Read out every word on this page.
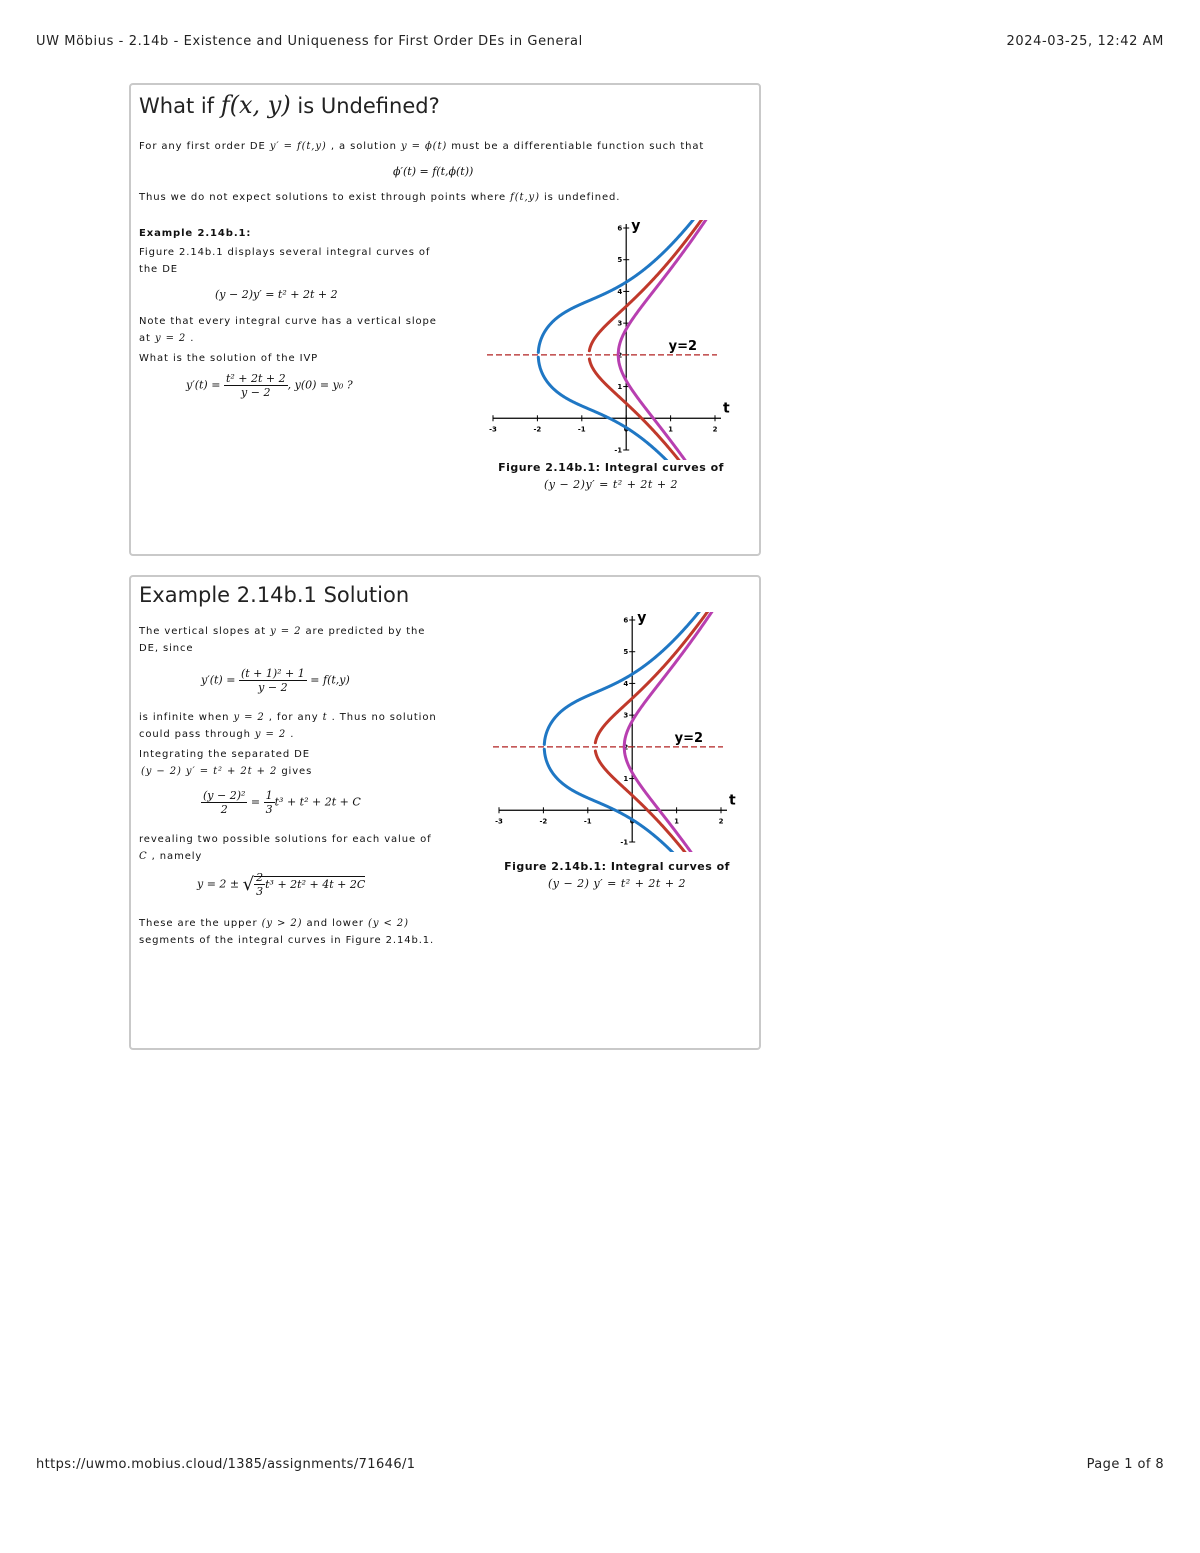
UW Möbius - 2.14b - Existence and Uniqueness for First Order DEs in General	2024-03-25, 12:42 AM
What if f(x, y) is Undefined?
For any first order DE y′ = f(t,y) , a solution y = ϕ(t) must be a differentiable function such that
ϕ′(t) = f(t,ϕ(t))
Thus we do not expect solutions to exist through points where f(t,y) is undefined.
Example 2.14b.1:
Figure 2.14b.1 displays several integral curves of the DE
(y − 2)y′ = t² + 2t + 2
Note that every integral curve has a vertical slope at y = 2 .
What is the solution of the IVP
$y'(t) = \frac{\text{t² + 2t + 2}}{y - 2}$ , y(0) = y₀ ?
-3	-2	-1	0	1	2
-1
1
2
3
4
5
6
t
y
y=2
Figure 2.14b.1: Integral curves of
(y − 2)y′ = t² + 2t + 2
Example 2.14b.1 Solution
The vertical slopes at y = 2 are predicted by the DE, since
$y'(t) = \frac{\text{(t + 1)² + 1}}{y - 2} = f(t,y)$
is infinite when y = 2 , for any t . Thus no solution could pass through y = 2 .
Integrating the separated DE
(y − 2) y′ = t² + 2t + 2 gives
$\frac{\text{(y − 2)²}}{2} = \frac{1}{3} t^3 + t^2 + 2t + C$
revealing two possible solutions for each value of C , namely
y = 2 ± √ $\frac{2}{3} t^3 + 2t^2 + 4t + 2C$
These are the upper (y > 2) and lower (y < 2) segments of the integral curves in Figure 2.14b.1.
-3	-2	-1	0	1	2
-1
1
2
3
4
5
6
t
y
y=2
Figure 2.14b.1: Integral curves of
(y − 2) y′ = t² + 2t + 2
https://uwmo.mobius.cloud/1385/assignments/71646/1	Page 1 of 8
